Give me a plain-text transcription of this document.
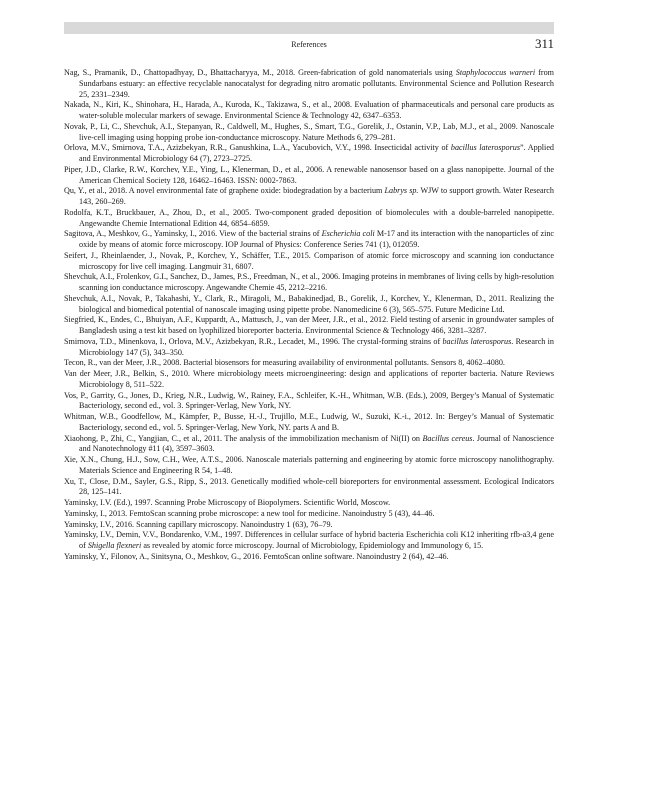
References	311
Nag, S., Pramanik, D., Chattopadhyay, D., Bhattacharyya, M., 2018. Green-fabrication of gold nanomaterials using Staphylococcus warneri from Sundarbans estuary: an effective recyclable nanocatalyst for degrading nitro aromatic pollutants. Environmental Science and Pollution Research 25, 2331–2349.
Nakada, N., Kiri, K., Shinohara, H., Harada, A., Kuroda, K., Takizawa, S., et al., 2008. Evaluation of pharmaceuticals and personal care products as water-soluble molecular markers of sewage. Environmental Science & Technology 42, 6347–6353.
Novak, P., Li, C., Shevchuk, A.I., Stepanyan, R., Caldwell, M., Hughes, S., Smart, T.G., Gorelik, J., Ostanin, V.P., Lab, M.J., et al., 2009. Nanoscale live-cell imaging using hopping probe ion-conductance microscopy. Nature Methods 6, 279–281.
Orlova, M.V., Smirnova, T.A., Azizbekyan, R.R., Ganushkina, L.A., Yacubovich, V.Y., 1998. Insecticidal activity of bacillus laterosporus”. Applied and Environmental Microbiology 64 (7), 2723–2725.
Piper, J.D., Clarke, R.W., Korchev, Y.E., Ying, L., Klenerman, D., et al., 2006. A renewable nanosensor based on a glass nanopipette. Journal of the American Chemical Society 128, 16462–16463. ISSN: 0002-7863.
Qu, Y., et al., 2018. A novel environmental fate of graphene oxide: biodegradation by a bacterium Labrys sp. WJW to support growth. Water Research 143, 260–269.
Rodolfa, K.T., Bruckbauer, A., Zhou, D., et al., 2005. Two-component graded deposition of biomolecules with a double-barreled nanopipette. Angewandte Chemie International Edition 44, 6854–6859.
Sagitova, A., Meshkov, G., Yaminsky, I., 2016. View of the bacterial strains of Escherichia coli M-17 and its interaction with the nanoparticles of zinc oxide by means of atomic force microscopy. IOP Journal of Physics: Conference Series 741 (1), 012059.
Seifert, J., Rheinlaender, J., Novak, P., Korchev, Y., Schäffer, T.E., 2015. Comparison of atomic force microscopy and scanning ion conductance microscopy for live cell imaging. Langmuir 31, 6807.
Shevchuk, A.I., Frolenkov, G.I., Sanchez, D., James, P.S., Freedman, N., et al., 2006. Imaging proteins in membranes of living cells by high-resolution scanning ion conductance microscopy. Angewandte Chemie 45, 2212–2216.
Shevchuk, A.I., Novak, P., Takahashi, Y., Clark, R., Miragoli, M., Babakinedjad, B., Gorelik, J., Korchev, Y., Klenerman, D., 2011. Realizing the biological and biomedical potential of nanoscale imaging using pipette probe. Nanomedicine 6 (3), 565–575. Future Medicine Ltd.
Siegfried, K., Endes, C., Bhuiyan, A.F., Kuppardt, A., Mattusch, J., van der Meer, J.R., et al., 2012. Field testing of arsenic in groundwater samples of Bangladesh using a test kit based on lyophilized bioreporter bacteria. Environmental Science & Technology 466, 3281–3287.
Smirnova, T.D., Minenkova, I., Orlova, M.V., Azizbekyan, R.R., Lecadet, M., 1996. The crystal-forming strains of bacillus laterosporus. Research in Microbiology 147 (5), 343–350.
Tecon, R., van der Meer, J.R., 2008. Bacterial biosensors for measuring availability of environmental pollutants. Sensors 8, 4062–4080.
Van der Meer, J.R., Belkin, S., 2010. Where microbiology meets microengineering: design and applications of reporter bacteria. Nature Reviews Microbiology 8, 511–522.
Vos, P., Garrity, G., Jones, D., Krieg, N.R., Ludwig, W., Rainey, F.A., Schleifer, K.-H., Whitman, W.B. (Eds.), 2009, Bergey’s Manual of Systematic Bacteriology, second ed., vol. 3. Springer-Verlag, New York, NY.
Whitman, W.B., Goodfellow, M., Kämpfer, P., Busse, H.-J., Trujillo, M.E., Ludwig, W., Suzuki, K.-i., 2012. In: Bergey’s Manual of Systematic Bacteriology, second ed., vol. 5. Springer-Verlag, New York, NY. parts A and B.
Xiaohong, P., Zhi, C., Yangjian, C., et al., 2011. The analysis of the immobilization mechanism of Ni(II) on Bacillus cereus. Journal of Nanoscience and Nanotechnology #11 (4), 3597–3603.
Xie, X.N., Chung, H.J., Sow, C.H., Wee, A.T.S., 2006. Nanoscale materials patterning and engineering by atomic force microscopy nanolithography. Materials Science and Engineering R 54, 1–48.
Xu, T., Close, D.M., Sayler, G.S., Ripp, S., 2013. Genetically modified whole-cell bioreporters for environmental assessment. Ecological Indicators 28, 125–141.
Yaminsky, I.V. (Ed.), 1997. Scanning Probe Microscopy of Biopolymers. Scientific World, Moscow.
Yaminsky, I., 2013. FemtoScan scanning probe microscope: a new tool for medicine. Nanoindustry 5 (43), 44–46.
Yaminsky, I.V., 2016. Scanning capillary microscopy. Nanoindustry 1 (63), 76–79.
Yaminsky, I.V., Demin, V.V., Bondarenko, V.M., 1997. Differences in cellular surface of hybrid bacteria Escherichia coli K12 inheriting rfb-a3,4 gene of Shigella flexneri as revealed by atomic force microscopy. Journal of Microbiology, Epidemiology and Immunology 6, 15.
Yaminsky, Y., Filonov, A., Sinitsyna, O., Meshkov, G., 2016. FemtoScan online software. Nanoindustry 2 (64), 42–46.
